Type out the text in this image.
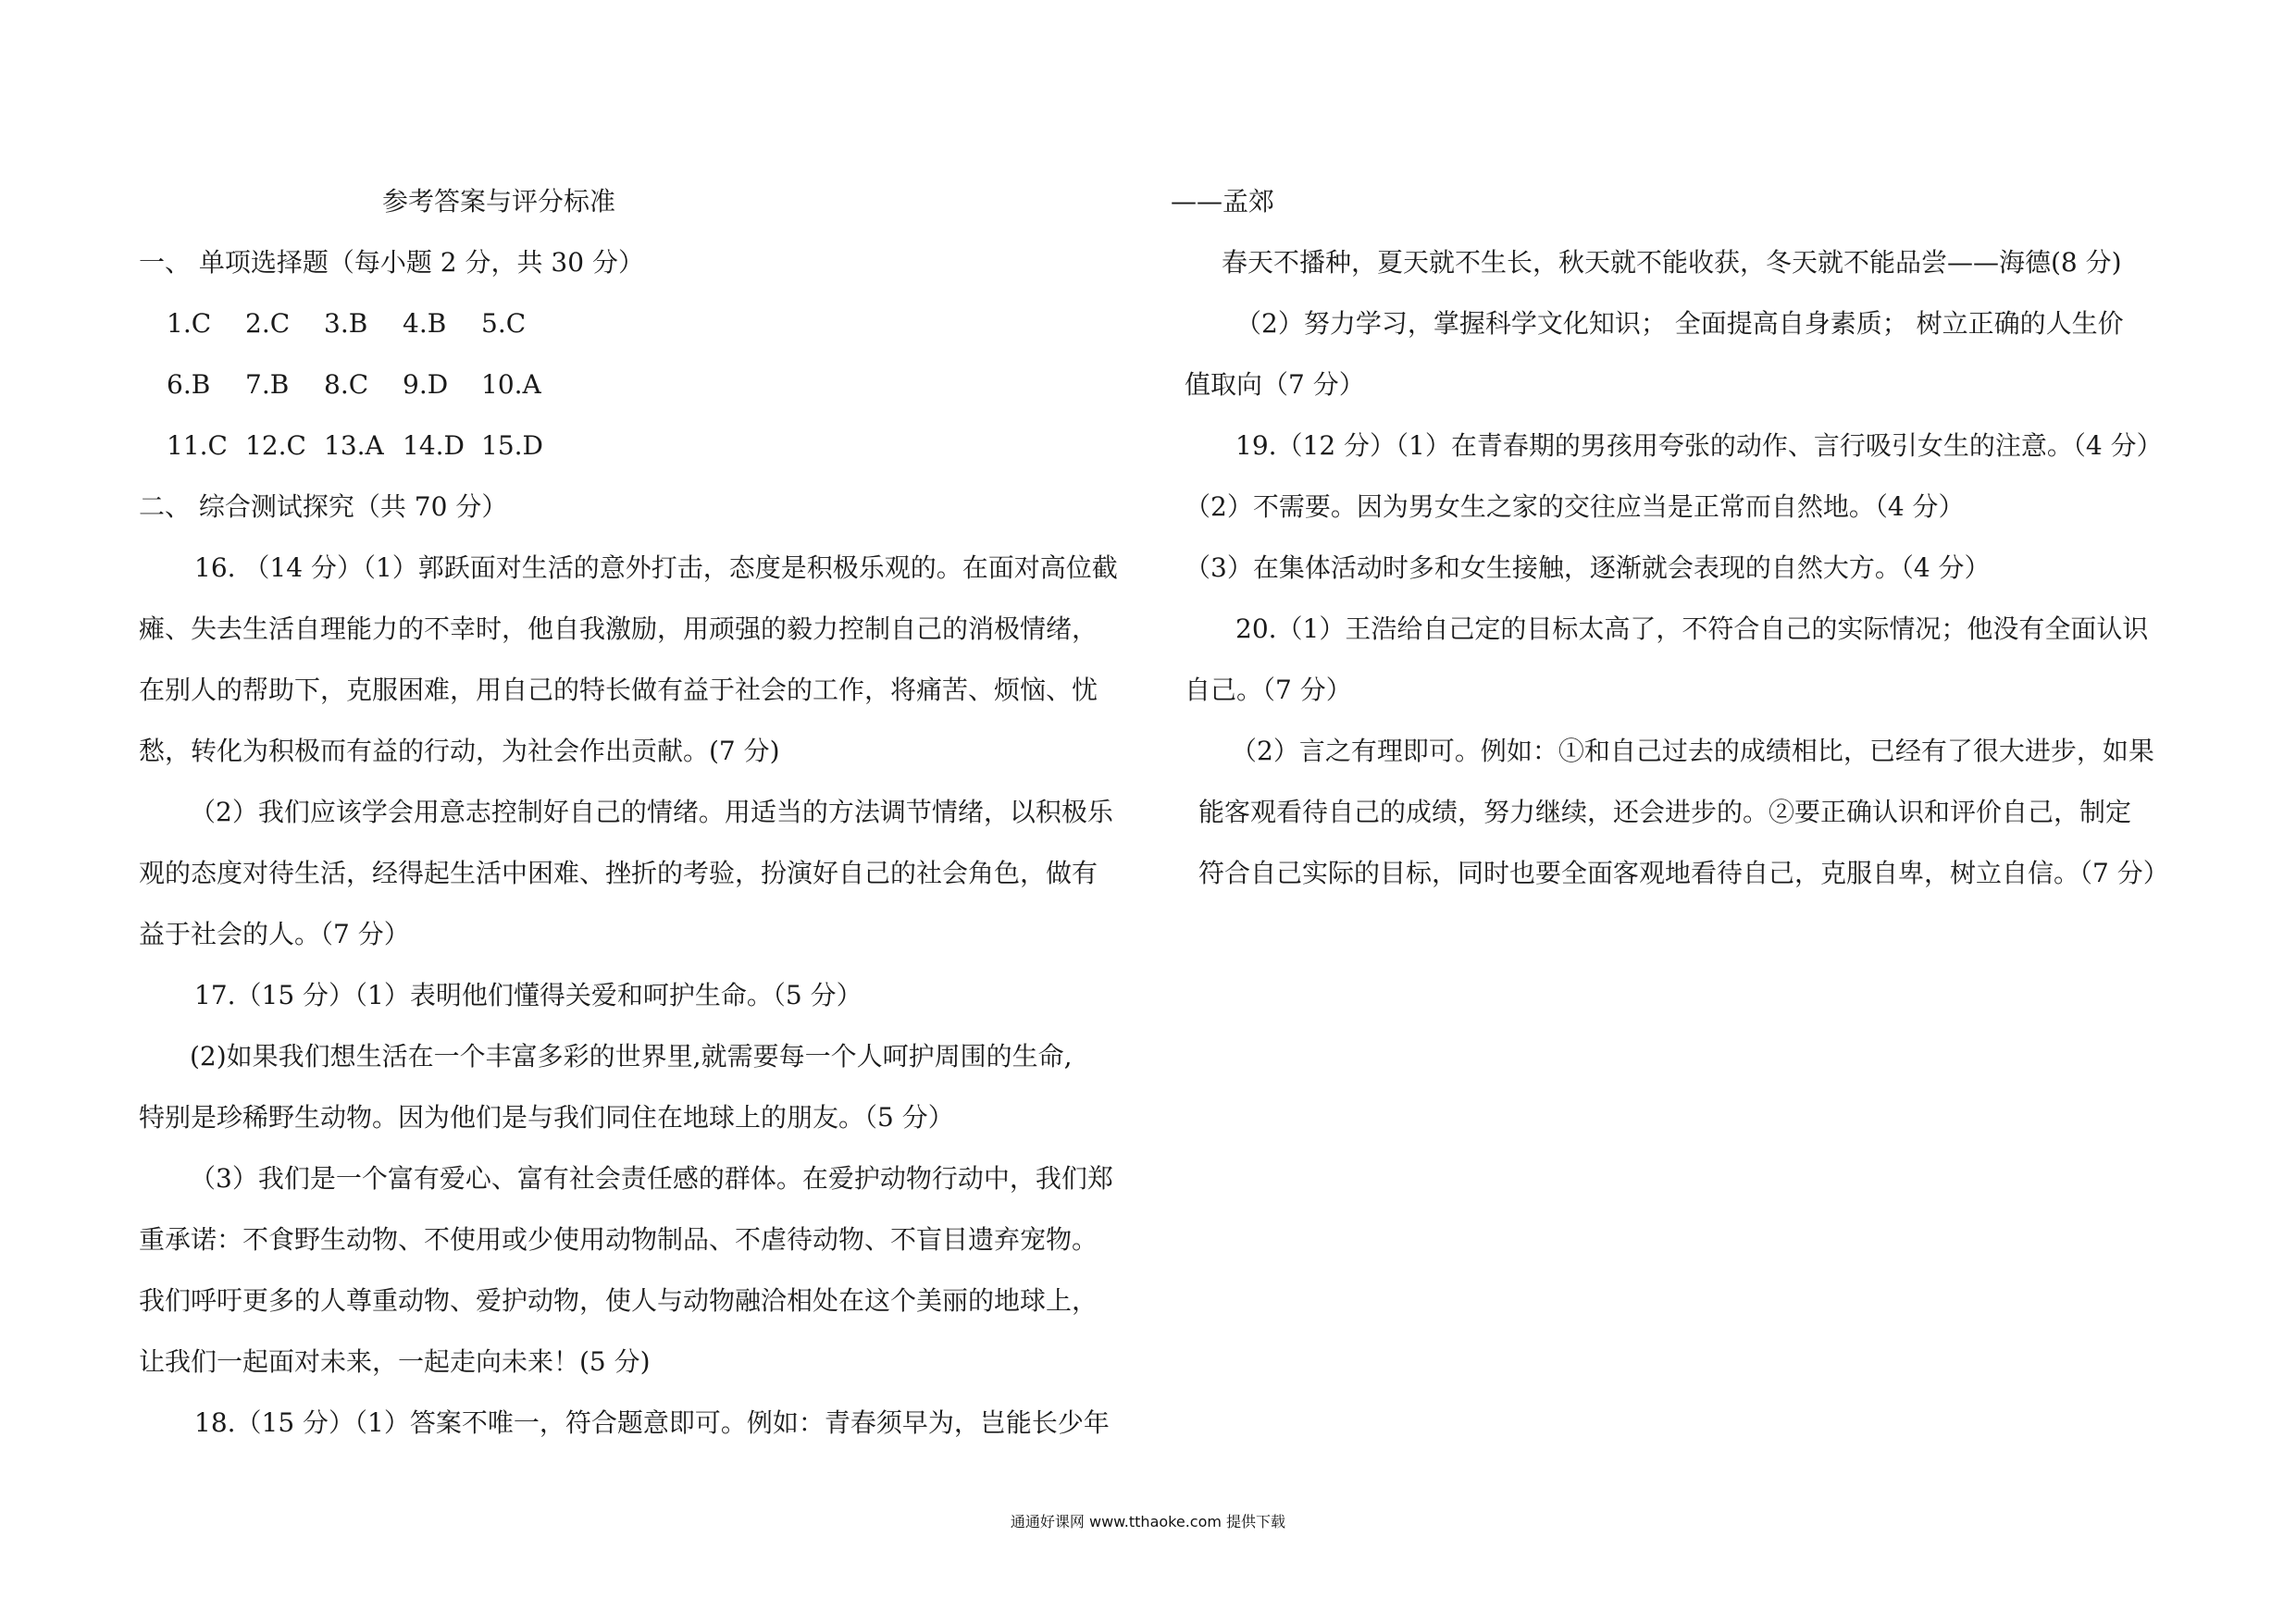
参考答案与评分标准
一、 单项选择题（每小题 2 分，共 30 分）
1.C 2.C 3.B 4.B 5.C
6.B 7.B 8.C 9.D 10.A
11.C 12.C 13.A 14.D 15.D
二、 综合测试探究（共 70 分）
16. （14 分）（1）郭跃面对生活的意外打击，态度是积极乐观的。在面对高位截
瘫、失去生活自理能力的不幸时，他自我激励，用顽强的毅力控制自己的消极情绪，
在别人的帮助下，克服困难，用自己的特长做有益于社会的工作，将痛苦、烦恼、忧
愁，转化为积极而有益的行动，为社会作出贡献。(7 分)
（2）我们应该学会用意志控制好自己的情绪。用适当的方法调节情绪，以积极乐
观的态度对待生活，经得起生活中困难、挫折的考验，扮演好自己的社会角色，做有
益于社会的人。（7 分）
17.（15 分）（1）表明他们懂得关爱和呵护生命。（5 分）
(2)如果我们想生活在一个丰富多彩的世界里,就需要每一个人呵护周围的生命,
特别是珍稀野生动物。因为他们是与我们同住在地球上的朋友。（5 分）
（3）我们是一个富有爱心、富有社会责任感的群体。在爱护动物行动中，我们郑
重承诺：不食野生动物、不使用或少使用动物制品、不虐待动物、不盲目遗弃宠物。
我们呼吁更多的人尊重动物、爱护动物，使人与动物融洽相处在这个美丽的地球上，
让我们一起面对未来，一起走向未来！(5 分)
18.（15 分）（1）答案不唯一，符合题意即可。例如：青春须早为，岂能长少年
——孟郊
春天不播种，夏天就不生长，秋天就不能收获，冬天就不能品尝——海德(8 分)
（2）努力学习，掌握科学文化知识； 全面提高自身素质； 树立正确的人生价
值取向（7 分）
19.（12 分）（1）在青春期的男孩用夸张的动作、言行吸引女生的注意。（4 分）
（2）不需要。因为男女生之家的交往应当是正常而自然地。（4 分）
（3）在集体活动时多和女生接触，逐渐就会表现的自然大方。（4 分）
20.（1）王浩给自己定的目标太高了，不符合自己的实际情况；他没有全面认识
自己。（7 分）
（2）言之有理即可。例如：①和自己过去的成绩相比，已经有了很大进步，如果
能客观看待自己的成绩，努力继续，还会进步的。②要正确认识和评价自己，制定
符合自己实际的目标，同时也要全面客观地看待自己，克服自卑，树立自信。（7 分）
通通好课网 www.tthaoke.com 提供下载
